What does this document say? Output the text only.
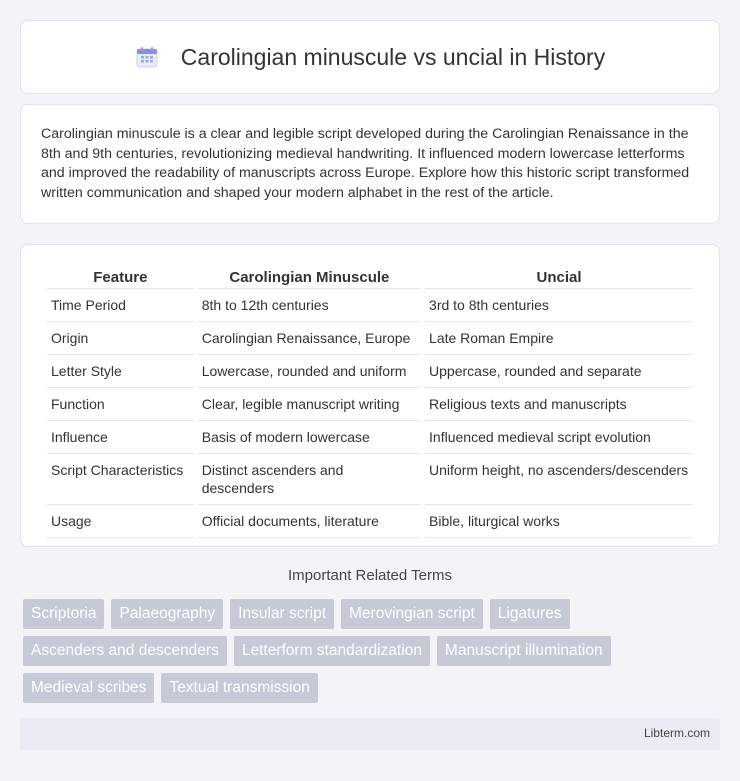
Carolingian minuscule vs uncial in History

Carolingian minuscule is a clear and legible script developed during the Carolingian Renaissance in the 8th and 9th centuries, revolutionizing medieval handwriting. It influenced modern lowercase letterforms and improved the readability of manuscripts across Europe. Explore how this historic script transformed written communication and shaped your modern alphabet in the rest of the article.

Feature	Carolingian Minuscule	Uncial
Time Period	8th to 12th centuries	3rd to 8th centuries
Origin	Carolingian Renaissance, Europe	Late Roman Empire
Letter Style	Lowercase, rounded and uniform	Uppercase, rounded and separate
Function	Clear, legible manuscript writing	Religious texts and manuscripts
Influence	Basis of modern lowercase	Influenced medieval script evolution
Script Characteristics	Distinct ascenders and descenders	Uniform height, no ascenders/descenders
Usage	Official documents, literature	Bible, liturgical works
Important Related Terms
Scriptoria	Palaeography	Insular script	Merovingian script	Ligatures
Ascenders and descenders	Letterform standardization	Manuscript illumination
Medieval scribes	Textual transmission
Libterm.com
